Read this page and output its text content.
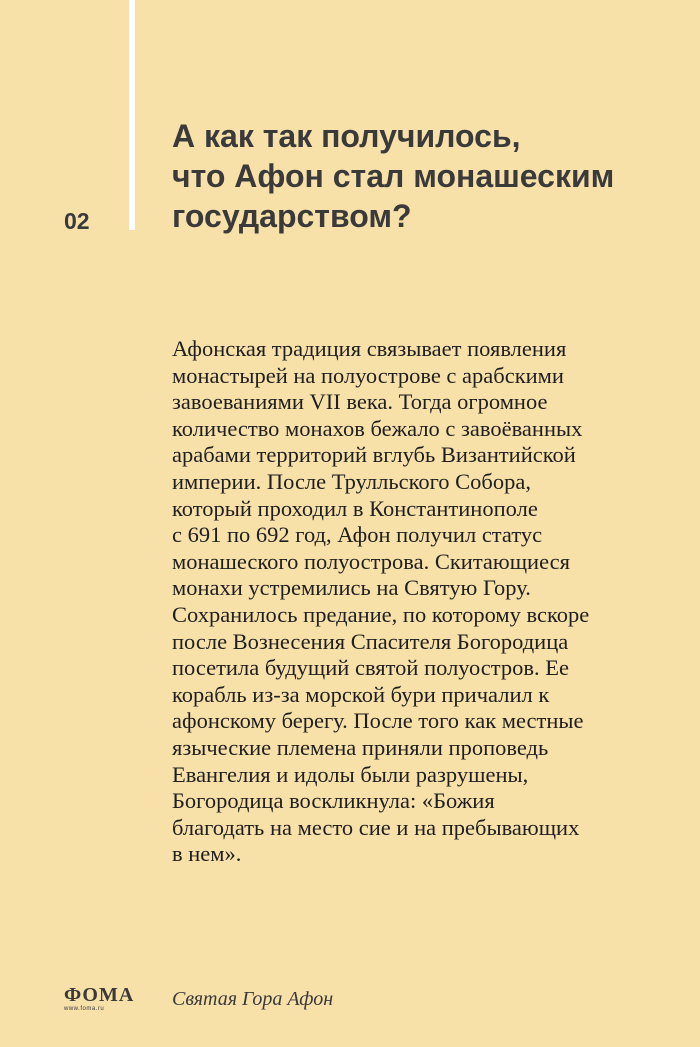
02
А как так получилось,
что Афон стал монашеским
государством?
Афонская традиция связывает появления
монастырей на полуострове с арабскими
завоеваниями VII века. Тогда огромное
количество монахов бежало с завоёванных
арабами территорий вглубь Византийской
империи. После Трулльского Собора,
который проходил в Константинополе
с 691 по 692 год, Афон получил статус
монашеского полуострова. Скитающиеся
монахи устремились на Святую Гору.
Сохранилось предание, по которому вскоре
после Вознесения Спасителя Богородица
посетила будущий святой полуостров. Ее
корабль из-за морской бури причалил к
афонскому берегу. После того как местные
языческие племена приняли проповедь
Евангелия и идолы были разрушены,
Богородица воскликнула: «Божия
благодать на место сие и на пребывающих
в нем».
ФОМА
www.foma.ru	Святая Гора Афон
